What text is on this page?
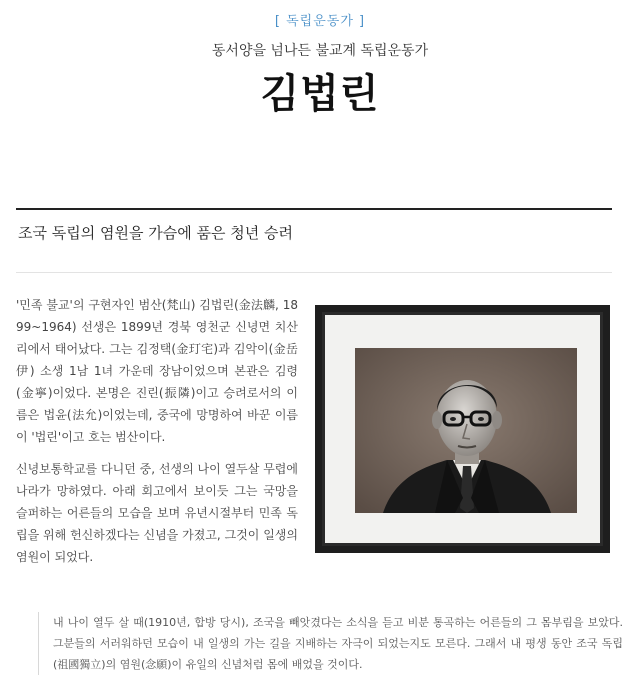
[ 독립운동가 ]
동서양을 넘나든 불교계 독립운동가
김법린
조국 독립의 염원을 가슴에 품은 청년 승려
'민족 불교'의 구현자인 범산(梵山) 김법린(金法麟, 1899~1964) 선생은 1899년 경북 영천군 신녕면 치산리에서 태어났다. 그는 김정택(金玎宅)과 김악이(金岳伊) 소생 1남 1녀 가운데 장남이었으며 본관은 김령(金寧)이었다. 본명은 진린(振隣)이고 승려로서의 이름은 법윤(法允)이었는데, 중국에 망명하여 바꾼 이름이 '법린'이고 호는 범산이다.
신녕보통학교를 다니던 중, 선생의 나이 열두살 무렵에 나라가 망하였다. 아래 회고에서 보이듯 그는 국망을 슬퍼하는 어른들의 모습을 보며 유년시절부터 민족 독립을 위해 헌신하겠다는 신념을 가졌고, 그것이 일생의 염원이 되었다.
내 나이 열두 살 때(1910년, 합방 당시), 조국을 빼앗겼다는 소식을 듣고 비분 통곡하는 어른들의 그 몸부림을 보았다. 그분들의 서러워하던 모습이 내 일생의 가는 길을 지배하는 자극이 되었는지도 모른다. 그래서 내 평생 동안 조국 독립(祖國獨立)의 염원(念願)이 유일의 신념처럼 몸에 배었을 것이다.
